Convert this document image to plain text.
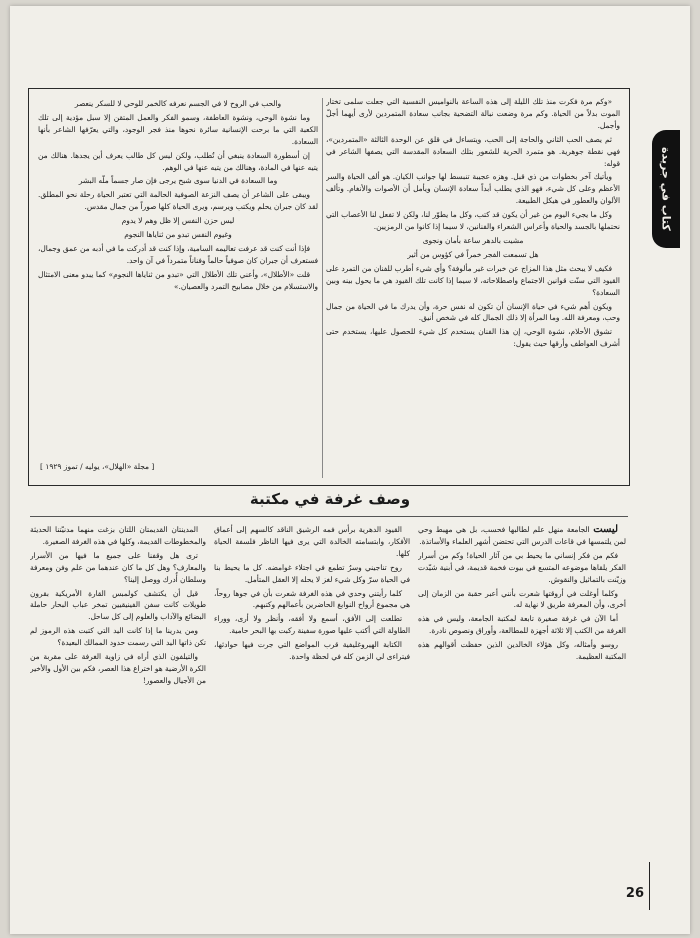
«وكم مرة فكرت منذ تلك الليلة إلى هذه الساعة بالنواميس النفسية التي جعلت سلمى تختار الموت بدلاً من الحياة. وكم مرة وضعت نبالة التضحية بجانب سعادة المتمردين لأرى أيهما أجلّ وأجمل.

ثم يصف الحب الثاني والحاجة إلى الحب، ويتساءل في قلق عن الوحدة الثالثة «المتمردين»، فهي نقطة جوهرية. هو متمرد الحرية للشعور بتلك السعادة المقدسة التي يصفها الشاعر في قوله:

ويأتيك آخر بخطوات من ذي قبل. وهزه عجيبة تنبسط لها جوانب الكيان. هو ألف الحياة والسر الأعظم وعلى كل شيء، فهو الذي يطلب أبداً سعادة الإنسان ويأمل أن الأصوات والأنغام. وتألف الألوان والعطور في هيكل الطبيعة.

وكل ما يجيء اليوم من غير أن يكون قد كتب، وكل ما يطوّر لنا، ولكن لا تفعل لنا الأعصاب التي نحتملها بالجسد والحياة وأعراس الشعراء والفنانين، لا سيما إذا كانوا من الرمزيين.

مشيت بالدهر ساعة بأمان ونجوى

هل تسمعت الفجر خمراً في كؤوس من أثير

فكيف لا يبحث مثل هذا المزاج عن خبرات غير مألوفة؟ وأي شيء أطرب للفنان من التمرد على القيود التي سنّت قوانين الاجتماع واصطلاحاته، لا سيما إذا كانت تلك القيود هي ما يحول بينه وبين السعادة؟

ويكون أهم شيء في حياة الإنسان أن تكون له نفس حرة، وأن يدرك ما في الحياة من جمال وحب، ومعرفة الله. وما المرأة إلا ذلك الجمال كله في شخص أنيق.

تشوق الأحلام، نشوة الوحي، إن هذا الفنان يستخدم كل شيء للحصول عليها، يستخدم حتى أشرف العواطف وأرقها حيث يقول:

والحب في الروح لا في الجسم نعرفه كالخمر للوحي لا للسكر ينعصر

وما نشوة الوحي، ونشوة العاطفة، وسمو الفكر والعمل المتقن إلا سبل مؤدية إلى تلك الكعبة التي ما برحت الإنسانية سائرة نحوها منذ فجر الوجود، والتي يعرّفها الشاعر بأنها السعادة.

إن أسطورة السعادة ينبغي أن تُطلب، ولكن ليس كل طالب يعرف أين يجدها. هنالك من يتيه عنها في المادة، وهنالك من يتيه عنها في الوهم.

وما السعادة في الدنيا سوى شبح يرجى فإن صار جسماً ملّه البشر

ويبقى على الشاعر أن يصف النزعة الصوفية الحالمة التي تعتبر الحياة رحلة نحو المطلق. لقد كان جبران يحلم ويكتب ويرسم، ويرى الحياة كلها صوراً من جمال مقدس.

ليس حزن النفس إلا ظل وهم لا يدوم

وغيوم النفس تبدو من ثناياها النجوم

فإذا أنت كنت قد عرفت تعاليمه السامية، وإذا كنت قد أدركت ما في أدبه من عمق وجمال، فستعرف أن جبران كان صوفياً حالماً وفناناً متمرداً في آن واحد.

قلت «الأطلال»، وأعني تلك الأطلال التي «تبدو من ثناياها النجوم» كما يبدو معنى الامتثال والاستسلام من خلال مصابيح التمرد والعصيان.»

[ مجلة «الهلال»، يوليه / تموز ١٩٢٩ ]
كتاب في جريدة
وصف غرفة في مكتبة

ليست الجامعة منهل علم لطالبها فحسب، بل هي مهبط وحي لمن يلتمسها في قاعات الدرس التي تحتضن أشهر العلماء والأساتذة.

فكم من فكر إنساني ما يحيط بي من آثار الحياة! وكم من أسرار الفكر يلقاها موضوعه المتسع في بيوت فخمة قديمة، في أبنية شيّدت وزيّنت بالتماثيل والنقوش.

وكلما أوغلت في أروقتها شعرت بأنني أعبر حقبة من الزمان إلى أخرى، وأن المعرفة طريق لا نهاية له.

أما الآن في غرفة صغيرة تابعة لمكتبة الجامعة، وليس في هذه الغرفة من الكتب إلا ثلاثة أجهزة للمطالعة، وأوراق ونصوص نادرة.

روسو وأمثاله، وكل هؤلاء الخالدين الذين حفظت أقوالهم هذه المكتبة العظيمة.

القيود الدهرية برأس فمه الرشيق الناقد كالسهم إلى أعماق الأفكار، وابتسامته الخالدة التي يرى فيها الناظر فلسفة الحياة كلها.

روح تناجيني وسرٌ تطمع في اجتلاء غوامضه. كل ما يحيط بنا في الحياة سرّ وكل شيء لغز لا يحله إلا العقل المتأمل.

كلما رأيتني وحدي في هذه الغرفة شعرت بأن في جوها روحاً، هي مجموع أرواح النوابغ الحاضرين بأعمالهم وكتبهم.

تطلعت إلى الأفق، أسمع ولا أفقه، وأنظر ولا أرى، ووراء الطاولة التي أكتب عليها صورة سفينة ركبت بها البحر حامية.

الكتابة الهيروغليفية قرب المواضع التي جرت فيها حوادثها، فيتراءى لي الزمن كله في لحظة واحدة.

المدينتان القديمتان اللتان بزغت منهما مدنيّتنا الحديثة والمخطوطات القديمة، وكلها في هذه الغرفة الصغيرة.

ترى هل وقفنا على جميع ما فيها من الأسرار والمعارف؟ وهل كل ما كان عندهما من علم وفن ومعرفة وسلطان أُدرك ووصل إلينا؟

قيل أن يكتشف كولمبس القارة الأمريكية بقرون طويلات كانت سفن الفينيقيين تمخر عباب البحار حاملة البضائع والآداب والعلوم إلى كل ساحل.

ومن يدرينا ما إذا كانت اليد التي كتبت هذه الرموز لم تكن ذاتها اليد التي رسمت حدود الممالك البعيدة؟

والتيلفون الذي أراه في زاوية الغرفة على مقربة من الكرة الأرضية هو اختراع هذا العصر، فكم بين الأول والأخير من الأجيال والعصور!

26
